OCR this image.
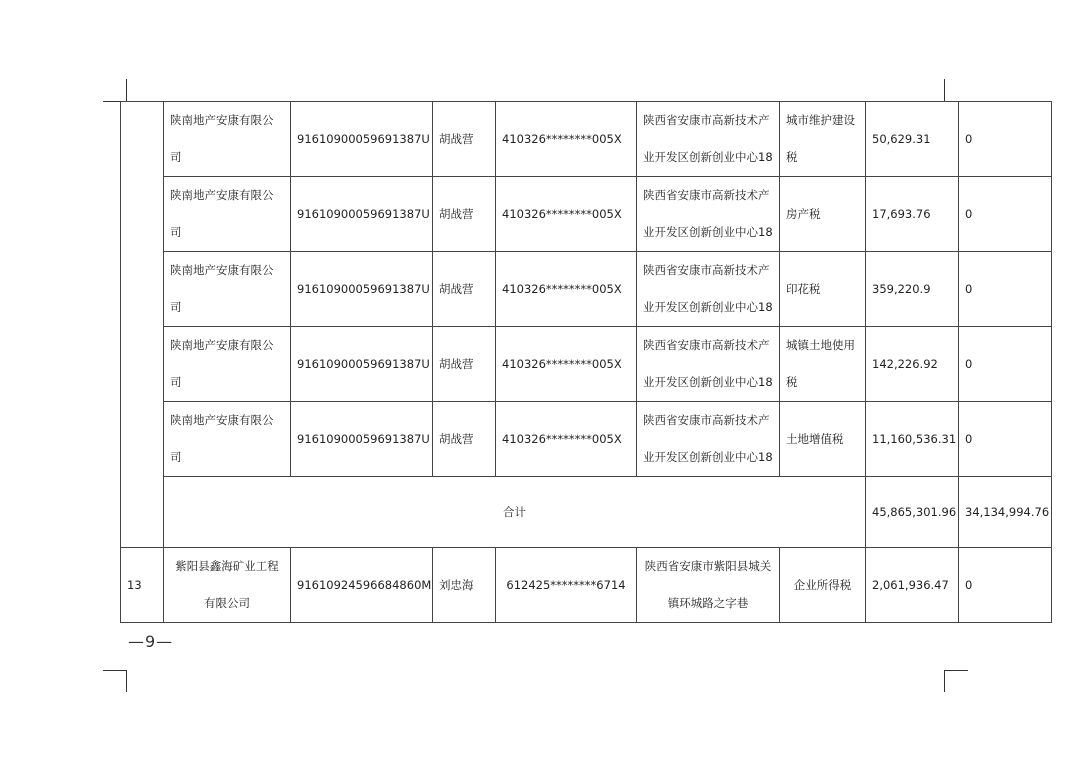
	陕南地产安康有限公司	91610900059691387U	胡战营	410326********005X	陕西省安康市高新技术产业开发区创新创业中心18	城市维护建设税	50,629.31	0
	陕南地产安康有限公司	91610900059691387U	胡战营	410326********005X	陕西省安康市高新技术产业开发区创新创业中心18	房产税	17,693.76	0
	陕南地产安康有限公司	91610900059691387U	胡战营	410326********005X	陕西省安康市高新技术产业开发区创新创业中心18	印花税	359,220.9	0
	陕南地产安康有限公司	91610900059691387U	胡战营	410326********005X	陕西省安康市高新技术产业开发区创新创业中心18	城镇土地使用税	142,226.92	0
	陕南地产安康有限公司	91610900059691387U	胡战营	410326********005X	陕西省安康市高新技术产业开发区创新创业中心18	土地增值税	11,160,536.31	0
	合计						45,865,301.96	34,134,994.76
13	紫阳县鑫海矿业工程有限公司	91610924596684860M	刘忠海	612425********6714	陕西省安康市紫阳县城关镇环城路之字巷	企业所得税	2,061,936.47	0
—9—
